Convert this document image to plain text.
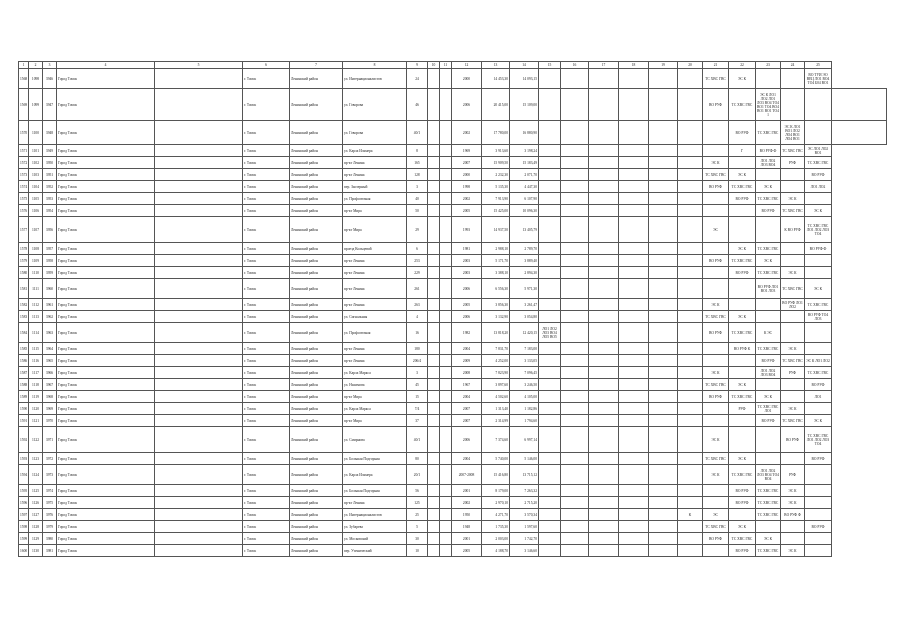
1	2	3	4	5	6	7	8	9	10	11	12	13	14	15	16	17	18	19	20	21	22	23	24	25	
1568	1098	3946	Город Томск		г. Томск	Ленинский район	ул. Интернационалистов	24			2000	14 453,30	14 093,15							ТС ХВС ГВС	ЭС К			ВО ТУИ ЭО ВЕЦ ЛО1 ВО4 ТО4 Б04 ВО1	
1569	1099	3947	Город Томск		г. Томск	Ленинский район	ул. Говорова	46			2006	20 415,00	15 109,00							ВО РУФ	ТС ХВС ГВС	ЭС К ЛО1 ЛО2 ЛО1 ЛО3 ВО4 ТО4 ВО1 ТО4 ВО4 ВО1 ВО1 ТО4 1			
1570	1100	3948	Город Томск		г. Томск	Ленинский район	ул. Говорова	40/1			2002	17 780,00	16 880,90								ВО РУФ	ТС ХВС ГВС	ЭС К ЛО1 ВО1 ЛО2 ЛО4 ВО1 ЛО4 ВО1		
1571	1101	3949	Город Томск		г. Томск	Ленинский район	ул. Карла Ильмера	8			1969	3 913,60	3 198,24								Г	ВО РУФ Ф	ТС ХВС ГВС	ЭС ЛО1 ЛО2 ВО1	
1572	1102	3950	Город Томск		г. Томск	Ленинский район	пр-кт Ленина	165			2007	15 909,50	15 183,49							ЭС К		ЛО1 ЛО2 ЛО3 ВО4	РУФ	ТС ХВС ГВС	
1573	1103	3951	Город Томск		г. Томск	Ленинский район	пр-кт Ленина	128			2000	2 232,30	2 071,70							ТС ХВС ГВС	ЭС К			ВО РУФ	
1574	1104	3952	Город Томск		г. Томск	Ленинский район	пер. Заозерный	3			1998	5 135,30	4 447,30							ВО РУФ	ТС ХВС ГВС	ЭС К		ЛО1 ЛО2	
1575	1105	3953	Город Томск		г. Томск	Ленинский район	ул. Профсоюзная	40			2002	7 913,90	6 107,90								ВО РУФ	ТС ХВС ГВС	ЭС К		
1576	1106	3954	Город Томск		г. Томск	Ленинский район	пр-кт Мира	50			2005	15 425,00	10 096,30									ВО РУФ	ТС ХВС ГВС	ЭС К	
1577	1107	3956	Город Томск		г. Томск	Ленинский район	пр-кт Мира	29			1993	14 937,50	13 405,79							ЭС			К ВО РУФ	ТС ХВС ГВС ЛО1 ЛО2 ЛО3 ТО4	
1578	1108	3957	Город Томск		г. Томск	Ленинский район	проезд Кольцевой	6			1981	2 988,10	2 789,70								ЭС К	ТС ХВС ГВС		ВО РУФ Ф	
1579	1109	3958	Город Томск		г. Томск	Ленинский район	пр-кт Ленина	253			2003	5 171,70	3 889,40							ВО РУФ	ТС ХВС ГВС	ЭС К			
1580	1110	3959	Город Томск		г. Томск	Ленинский район	пр-кт Ленина	229			2003	3 388,10	2 894,30								ВО РУФ	ТС ХВС ГВС	ЭС К		
1581	1111	3960	Город Томск		г. Томск	Ленинский район	пр-кт Ленина	261			2006	6 556,30	5 971,30									ВО РУФ ЛО1 ВО1 ЛО3	ТС ХВС ГВС	ЭС К	
1582	1112	3961	Город Томск		г. Томск	Ленинский район	пр-кт Ленина	263			2005	3 856,30	3 261,47							ЭС К			ВО РУФ ЛО1 ЛО2	ТС ХВС ГВС	
1583	1113	3962	Город Томск		г. Томск	Ленинский район	ул. Сигнальная	4			2006	3 132,90	3 054,80							ТС ХВС ГВС	ЭС К			ВО РУФ ТО4 ЛО3	
1584	1114	3963	Город Томск		г. Томск	Ленинский район	ул. Профсоюзная	16			1982	13 818,20	12 420,15	ЛО1 ЛО2 ЛО3 ВО4 ЛО5 ВО5						ВО РУФ	ТС ХВС ГВС	К ЭС			
1585	1115	3964	Город Томск		г. Томск	Ленинский район	пр-кт Ленина	180			2004	7 831,70	7 183,00								ВО РУФ К	ТС ХВС ГВС	ЭС К		
1586	1116	3965	Город Томск		г. Томск	Ленинский район	пр-кт Ленина	206/4			2009	4 252,00	3 133,05									ВО РУФ	ТС ХВС ГВС	ЭС К ЛО1 ЛО2	
1587	1117	3966	Город Томск		г. Томск	Ленинский район	ул. Карла Маркса	3			2008	7 823,90	7 096,45							ЭС К		ЛО1 ЛО2 ЛО3 ВО4	РУФ	ТС ХВС ГВС	
1588	1118	3967	Город Томск		г. Томск	Ленинский район	ул. Нахимова	45			1967	3 897,60	3 246,50							ТС ХВС ГВС	ЭС К			ВО РУФ	
1589	1119	3968	Город Томск		г. Томск	Ленинский район	пр-кт Мира	15			2004	4 502,60	4 105,00							ВО РУФ	ТС ХВС ГВС	ЭС К		ЛО1	
1590	1120	3969	Город Томск		г. Томск	Ленинский район	ул. Карла Маркса	7/4			2007	1 313,40	1 182,86								РУФ	ТС ХВС ГВС ЛО1	ЭС К		
1591	1121	3970	Город Томск		г. Томск	Ленинский район	пр-кт Мира	37			2007	2 314,99	1 794,60									ВО РУФ	ТС ХВС ГВС	ЭС К	
1592	1122	3971	Город Томск		г. Томск	Ленинский район	ул. Смирнова	40/1			2006	7 374,60	6 997,14							ЭС К			ВО РУФ	ТС ХВС ГВС ЛО1 ЛО2 ЛО3 ТО4	
1593	1123	3972	Город Томск		г. Томск	Ленинский район	ул. Большая Подгорная	80			2004	5 740,00	5 146,00							ТС ХВС ГВС	ЭС К			ВО РУФ	
1594	1124	3973	Город Томск		г. Томск	Ленинский район	ул. Карла Ильмера	20/1			2007-2008	15 416,80	13 715,12							ЭС К	ТС ХВС ГВС	ЛО1 ЛО2 ЛО3 ВО4 ТО4 ВО4	РУФ		
1595	1125	3974	Город Томск		г. Томск	Ленинский район	ул. Большая Подгорная	56			2001	8 179,00	7 263,32								ВО РУФ	ТС ХВС ГВС	ЭС К		
1596	1126	3975	Город Томск		г. Томск	Ленинский район	пр-кт Ленина	125			2002	2 970,10	2 715,20								ВО РУФ	ТС ХВС ГВС	ЭС К		
1597	1127	3976	Город Томск		г. Томск	Ленинский район	ул. Интернационалистов	25			1950	4 271,70	3 570,34						К	ЭС		ТС ХВС ГВС	ВО РУФ Ф		
1598	1128	3979	Город Томск		г. Томск	Ленинский район	ул. Зубарева	5			1948	1 735,30	1 597,60							ТС ХВС ГВС	ЭС К			ВО РУФ	
1599	1129	3980	Город Томск		г. Томск	Ленинский район	ул. Московский	30			2001	2 003,00	1 742,70							ВО РУФ	ТС ХВС ГВС	ЭС К			
1600	1130	3981	Город Томск		г. Томск	Ленинский район	пер. Ученический	10			2005	4 188,70	3 146,60								ВО РУФ	ТС ХВС ГВС	ЭС К		
